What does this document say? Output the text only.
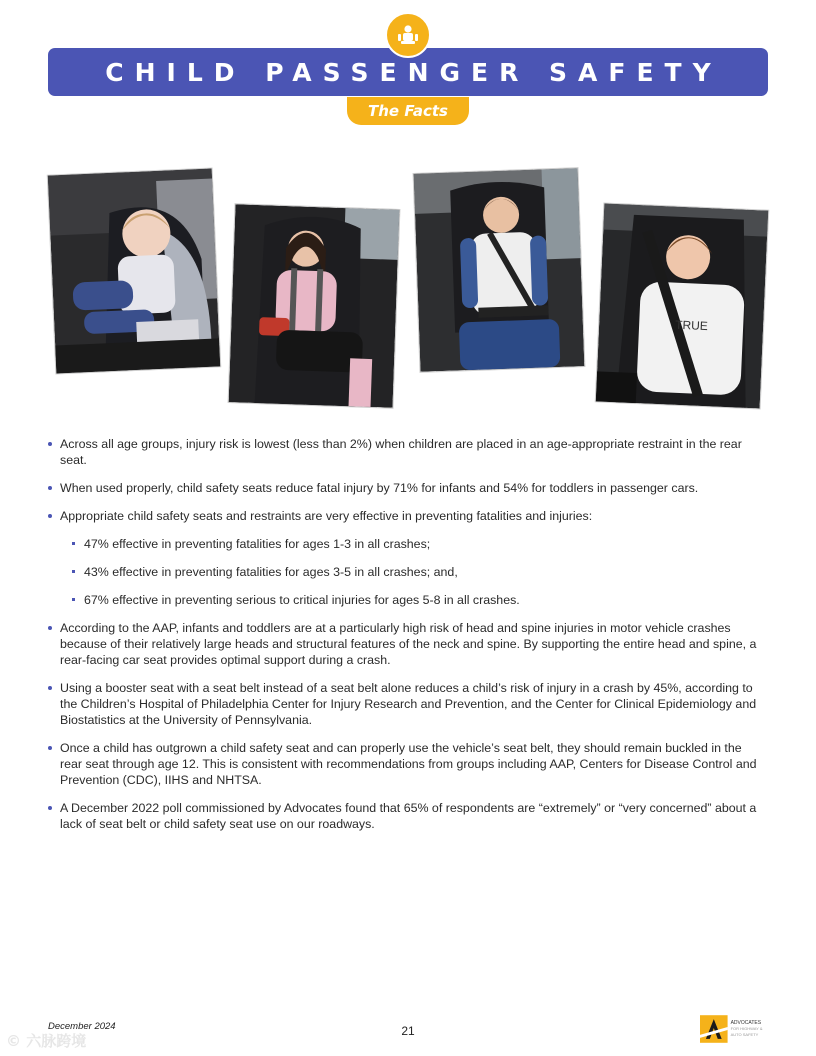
CHILD PASSENGER SAFETY
The Facts
TRUE
Across all age groups, injury risk is lowest (less than 2%) when children are placed in an age-appropriate restraint in the rear seat.
When used properly, child safety seats reduce fatal injury by 71% for infants and 54% for toddlers in passenger cars.
Appropriate child safety seats and restraints are very effective in preventing fatalities and injuries:
47% effective in preventing fatalities for ages 1-3 in all crashes;
43% effective in preventing fatalities for ages 3-5 in all crashes; and,
67% effective in preventing serious to critical injuries for ages 5-8 in all crashes.
According to the AAP, infants and toddlers are at a particularly high risk of head and spine injuries in motor vehicle crashes because of their relatively large heads and structural features of the neck and spine. By supporting the entire head and spine, a rear-facing car seat provides optimal support during a crash.
Using a booster seat with a seat belt instead of a seat belt alone reduces a child’s risk of injury in a crash by 45%, according to the Children’s Hospital of Philadelphia Center for Injury Research and Prevention, and the Center for Clinical Epidemiology and Biostatistics at the University of Pennsylvania.
Once a child has outgrown a child safety seat and can properly use the vehicle’s seat belt, they should remain buckled in the rear seat through age 12. This is consistent with recommendations from groups including AAP, Centers for Disease Control and Prevention (CDC), IIHS and NHTSA.
A December 2022 poll commissioned by Advocates found that 65% of respondents are “extremely” or “very concerned” about a lack of seat belt or child safety seat use on our roadways.
December 2024	21
ADVOCATES
FOR HIGHWAY & AUTO SAFETY
© 六脉跨境
